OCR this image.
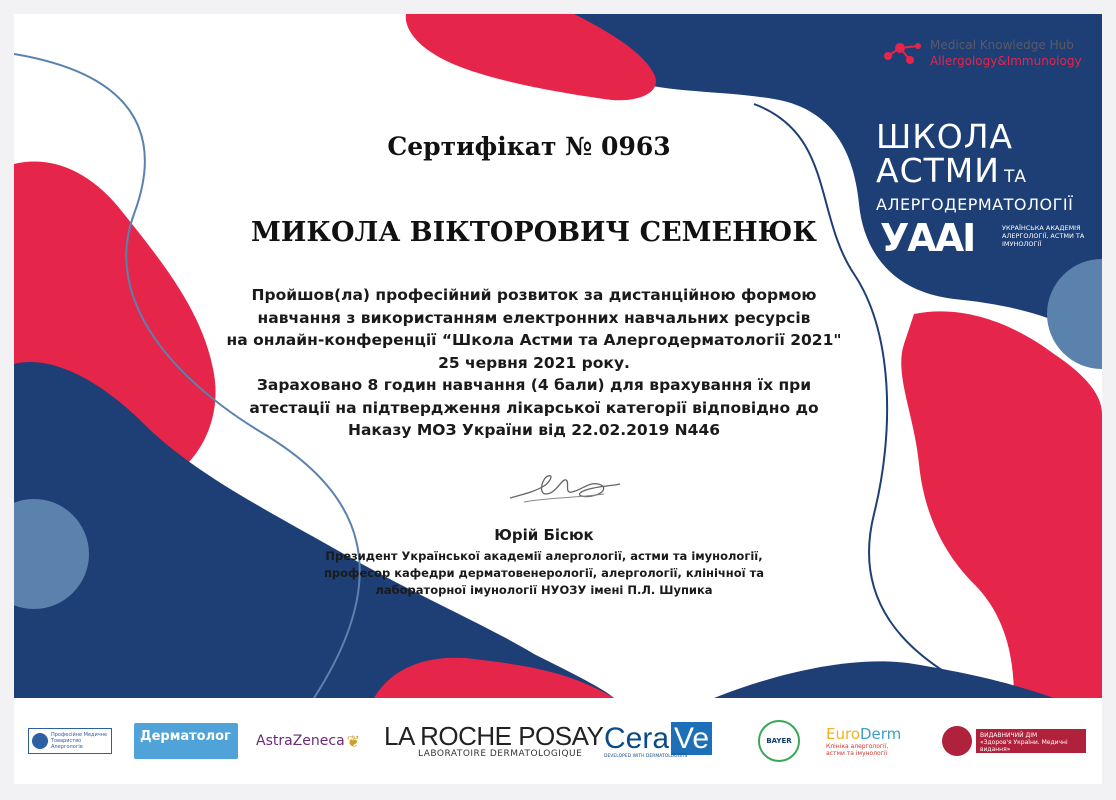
Medical Knowledge Hub
Allergology&Immunology
ШКОЛА
АСТМИ ТА
АЛЕРГОДЕРМАТОЛОГІЇ
УААІ	УКРАЇНСЬКА АКАДЕМІЯ АЛЕРГОЛОГІЇ, АСТМИ ТА ІМУНОЛОГІЇ
Сертифікат № 0963
МИКОЛА ВІКТОРОВИЧ СЕМЕНЮК
Пройшов(ла) професійний розвиток за дистанційною формою
навчання з використанням електронних навчальних ресурсів
на онлайн-конференції “Школа Астми та Алергодерматології 2021"
25 червня 2021 року.
Зараховано 8 годин навчання (4 бали) для врахування їх при
атестації на підтвердження лікарської категорії відповідно до
Наказу МОЗ України від 22.02.2019 N446
Юрій Бісюк
Президент Української академії алергології, астми та імунології,
професор кафедри дерматовенерології, алергології, клінічної та
лабораторної імунології НУОЗУ імені П.Л. Шупика
Професійне Медичне Товариство Алергологів
Дерматолог	AstraZeneca ❦ LA ROCHE POSAY
LABORATOIRE DERMATOLOGIQUE Cera Ve
DEVELOPED WITH DERMATOLOGISTS
BAYER EuroDerm
Клініка алергології,
астми та імунології
ВИДАВНИЧИЙ ДІМ
«Здоров'я України. Медичні видання»
